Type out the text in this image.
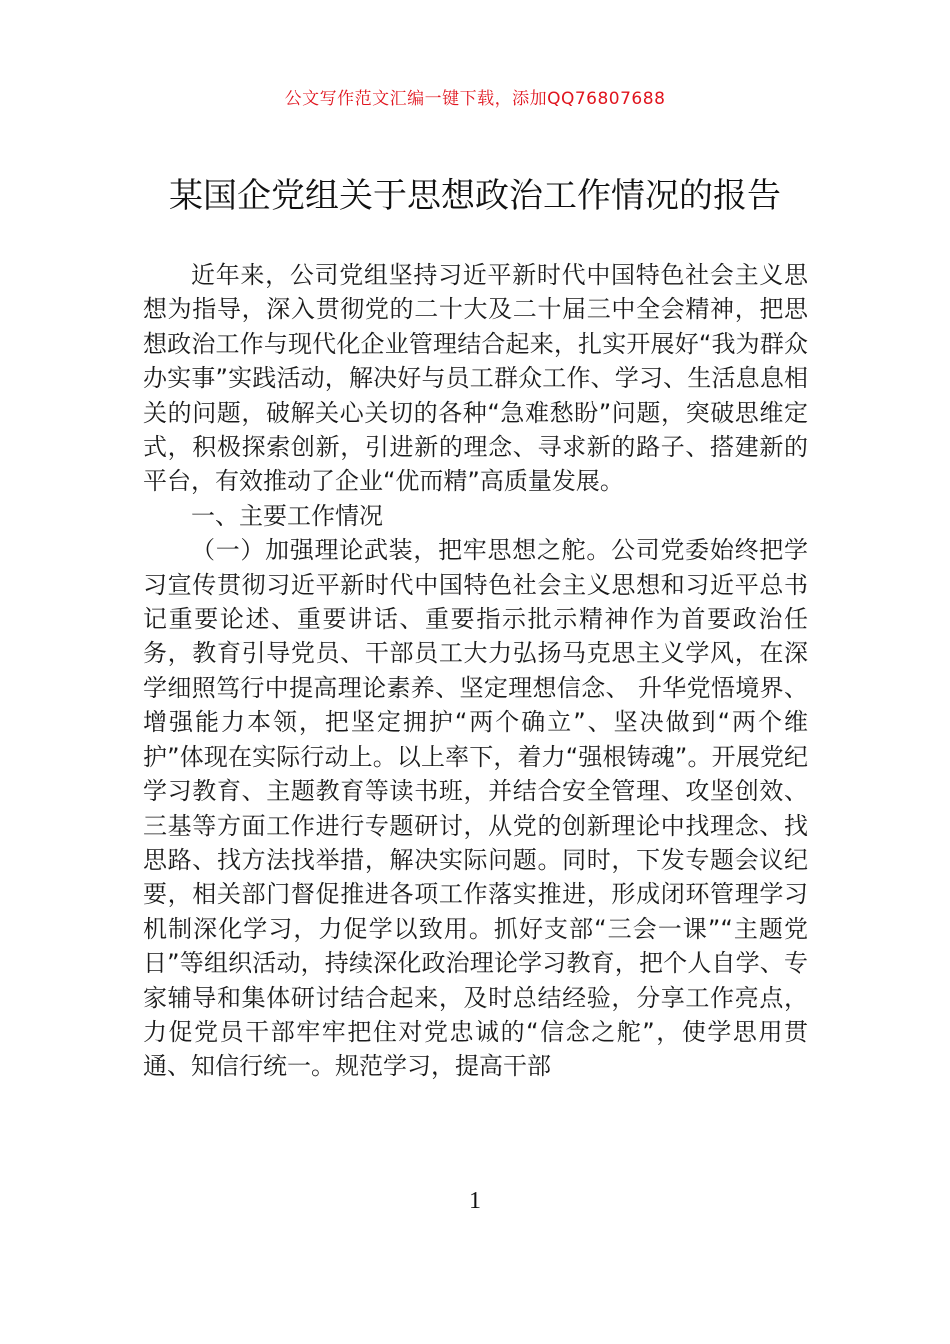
公文写作范文汇编一键下载，添加QQ76807688
某国企党组关于思想政治工作情况的报告

近年来，公司党组坚持习近平新时代中国特色社会主义思想为指导，深入贯彻党的二十大及二十届三中全会精神，把思想政治工作与现代化企业管理结合起来，扎实开展好“我为群众办实事”实践活动，解决好与员工群众工作、学习、生活息息相关的问题，破解关心关切的各种“急难愁盼”问题，突破思维定式，积极探索创新，引进新的理念、寻求新的路子、搭建新的平台，有效推动了企业“优而精”高质量发展。

一、主要工作情况

（一）加强理论武装，把牢思想之舵。公司党委始终把学习宣传贯彻习近平新时代中国特色社会主义思想和习近平总书记重要论述、重要讲话、重要指示批示精神作为首要政治任务，教育引导党员、干部员工大力弘扬马克思主义学风，在深学细照笃行中提高理论素养、坚定理想信念、 升华党悟境界、增强能力本领，把坚定拥护“两个确立”、坚决做到“两个维护”体现在实际行动上。以上率下，着力“强根铸魂”。开展党纪学习教育、主题教育等读书班，并结合安全管理、攻坚创效、三基等方面工作进行专题研讨，从党的创新理论中找理念、找思路、找方法找举措，解决实际问题。同时，下发专题会议纪要，相关部门督促推进各项工作落实推进，形成闭环管理学习机制深化学习，力促学以致用。抓好支部“三会一课”“主题党日”等组织活动，持续深化政治理论学习教育，把个人自学、专家辅导和集体研讨结合起来，及时总结经验，分享工作亮点，力促党员干部牢牢把住对党忠诚的“信念之舵”，使学思用贯通、知信行统一。规范学习，提高干部

1
